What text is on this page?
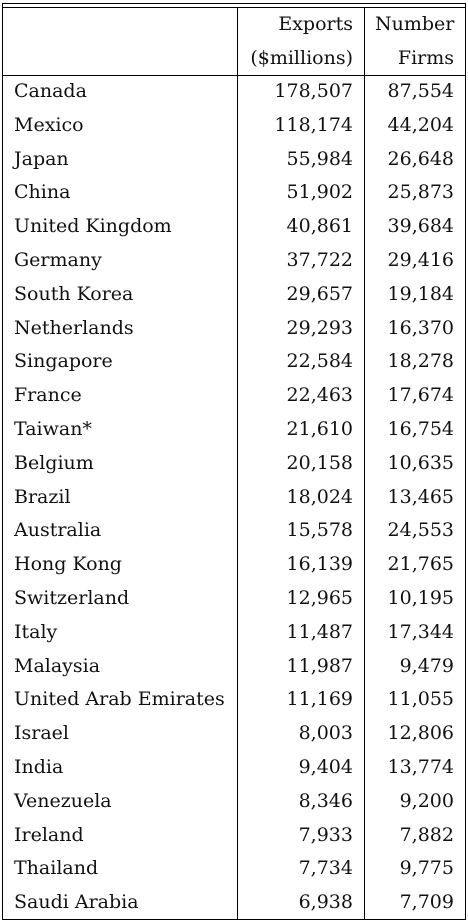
	Exports	Number
	($millions)	Firms
Canada	178,507	87,554
Mexico	118,174	44,204
Japan	55,984	26,648
China	51,902	25,873
United Kingdom	40,861	39,684
Germany	37,722	29,416
South Korea	29,657	19,184
Netherlands	29,293	16,370
Singapore	22,584	18,278
France	22,463	17,674
Taiwan*	21,610	16,754
Belgium	20,158	10,635
Brazil	18,024	13,465
Australia	15,578	24,553
Hong Kong	16,139	21,765
Switzerland	12,965	10,195
Italy	11,487	17,344
Malaysia	11,987	9,479
United Arab Emirates	11,169	11,055
Israel	8,003	12,806
India	9,404	13,774
Venezuela	8,346	9,200
Ireland	7,933	7,882
Thailand	7,734	9,775
Saudi Arabia	6,938	7,709
